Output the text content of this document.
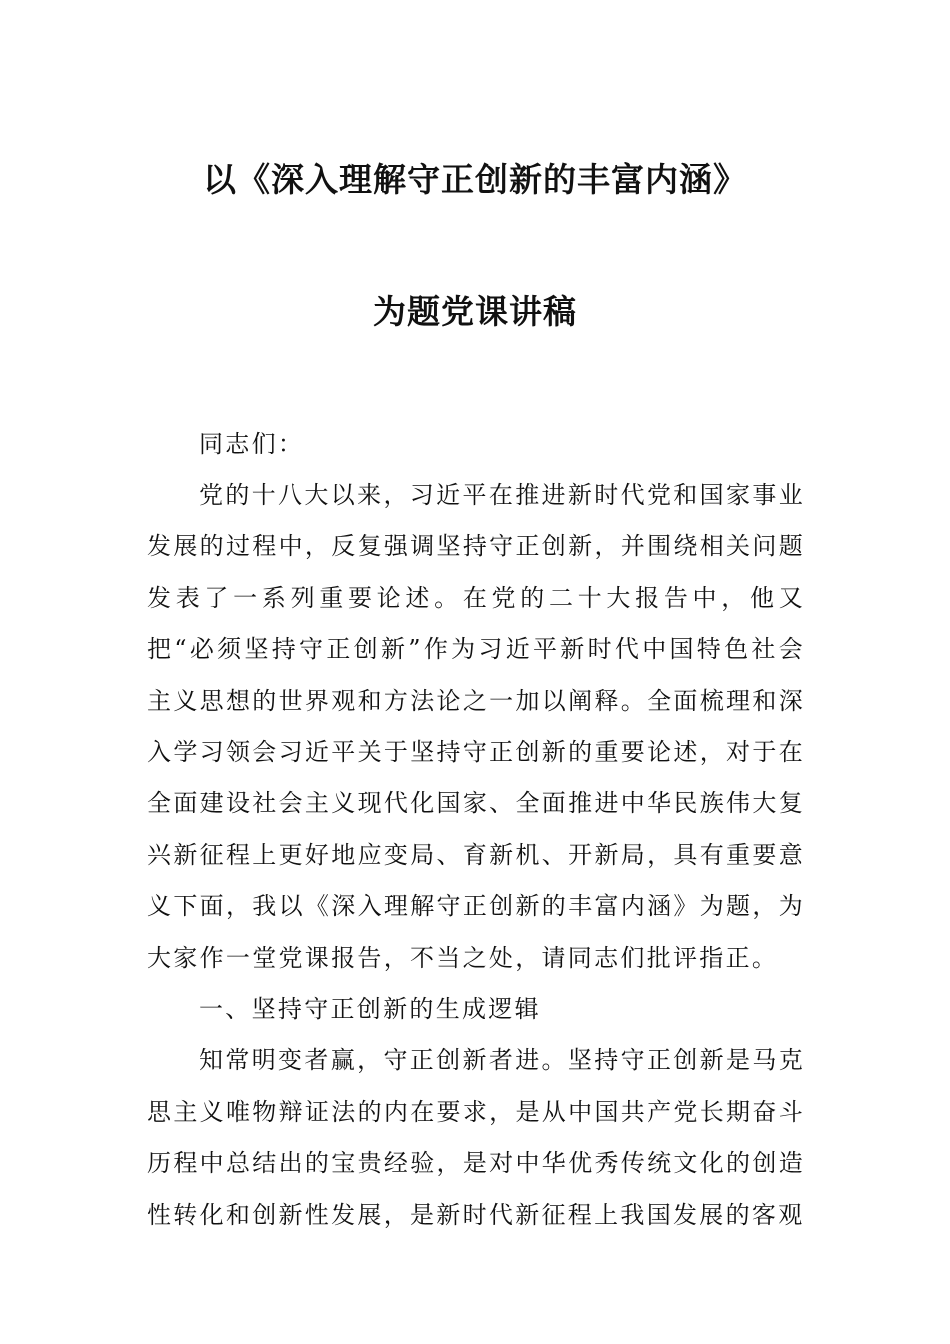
以《深入理解守正创新的丰富内涵》
为题党课讲稿

同志们：

党的十八大以来，习近平在推进新时代党和国家事业发展的过程中，反复强调坚持守正创新，并围绕相关问题发表了一系列重要论述。在党的二十大报告中，他又把“必须坚持守正创新”作为习近平新时代中国特色社会主义思想的世界观和方法论之一加以阐释。全面梳理和深入学习领会习近平关于坚持守正创新的重要论述，对于在全面建设社会主义现代化国家、全面推进中华民族伟大复兴新征程上更好地应变局、育新机、开新局，具有重要意义下面，我以《深入理解守正创新的丰富内涵》为题，为大家作一堂党课报告，不当之处，请同志们批评指正。

一、坚持守正创新的生成逻辑

知常明变者赢，守正创新者进。坚持守正创新是马克思主义唯物辩证法的内在要求，是从中国共产党长期奋斗历程中总结出的宝贵经验，是对中华优秀传统文化的创造性转化和创新性发展，是新时代新征程上我国发展的客观
